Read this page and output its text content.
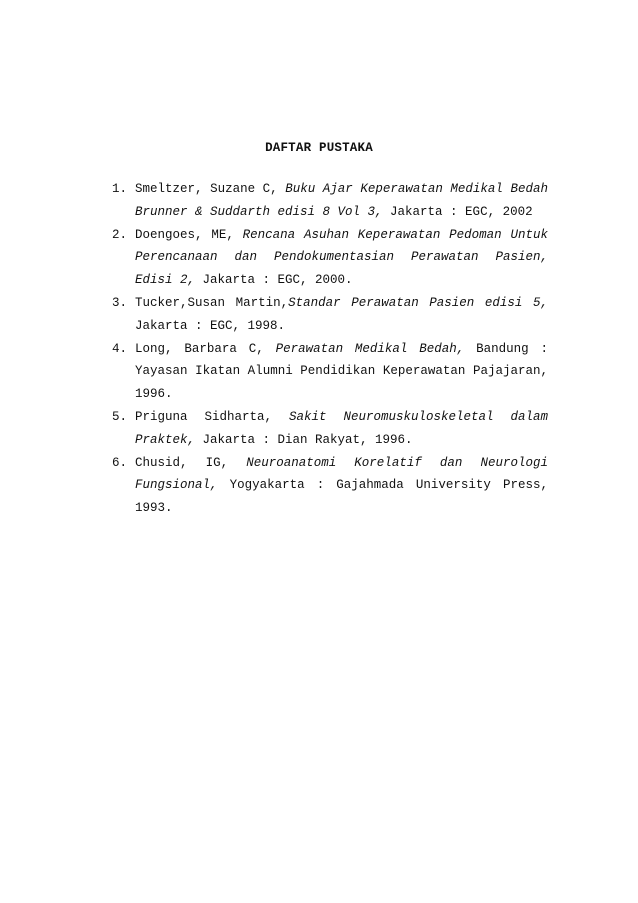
DAFTAR PUSTAKA
1. Smeltzer, Suzane C, Buku Ajar Keperawatan Medikal Bedah Brunner & Suddarth edisi 8 Vol 3, Jakarta : EGC, 2002
2. Doengoes, ME, Rencana Asuhan Keperawatan Pedoman Untuk Perencanaan dan Pendokumentasian Perawatan Pasien, Edisi 2, Jakarta : EGC, 2000.
3. Tucker,Susan Martin,Standar Perawatan Pasien edisi 5, Jakarta : EGC, 1998.
4. Long, Barbara C, Perawatan Medikal Bedah, Bandung : Yayasan Ikatan Alumni Pendidikan Keperawatan Pajajaran, 1996.
5. Priguna Sidharta, Sakit Neuromuskuloskeletal dalam Praktek, Jakarta : Dian Rakyat, 1996.
6. Chusid, IG, Neuroanatomi Korelatif dan Neurologi Fungsional, Yogyakarta : Gajahmada University Press, 1993.
